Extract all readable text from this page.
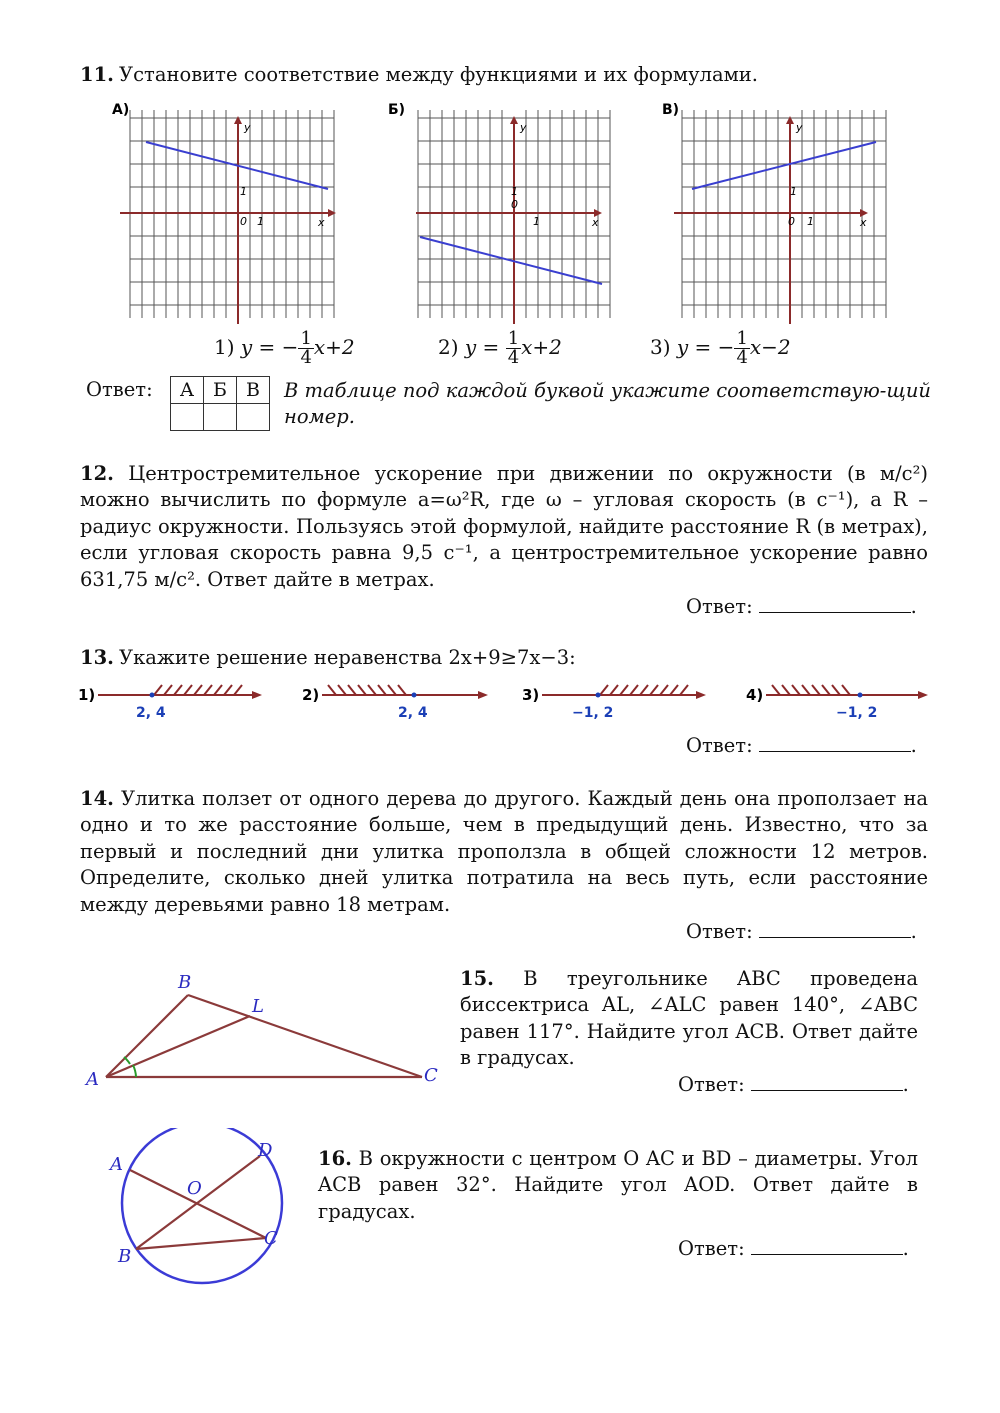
11. Установите соответствие между функциями и их формулами.
А)
y
x
0 1
1
Б)
y
x
0
1
1
В)
y
x
0 1
1
1) y = − $\frac{1}{4} x+2$	2) $y = \frac{1}{4} x+2$	3) y = − $\frac{1}{4} x-2$
Ответ: А	Б	В
		В таблице под каждой буквой укажите соответствую-щий номер.

12. Центростремительное ускорение при движении по окружности (в м/с²) можно вычислить по формуле a=ω²R, где ω – угловая скорость (в с⁻¹), а R – радиус окружности. Пользуясь этой формулой, найдите расстояние R (в метрах), если угловая скорость равна 9,5 с⁻¹, а центростремительное ускорение равно 631,75 м/с². Ответ дайте в метрах.

Ответ:	.
13. Укажите решение неравенства 2x+9≥7x−3:
1)
2, 4
2)
2, 4
3)
−1, 2
4)
−1, 2
Ответ:	.

14. Улитка ползет от одного дерева до другого. Каждый день она проползает на одно и то же расстояние больше, чем в предыдущий день. Известно, что за первый и последний дни улитка проползла в общей сложности 12 метров. Определите, сколько дней улитка потратила на весь путь, если расстояние между деревьями равно 18 метрам.

Ответ:	.
A
B
C
L

15. В треугольнике ABC проведена биссектриса AL, ∠ALC равен 140°, ∠ABC равен 117°. Найдите угол ACB. Ответ дайте в градусах.

Ответ:	.
A
B
C
D
O

16. В окружности с центром О AC и BD – диаметры. Угол ACB равен 32°. Найдите угол AOD. Ответ дайте в градусах.

Ответ:	.
